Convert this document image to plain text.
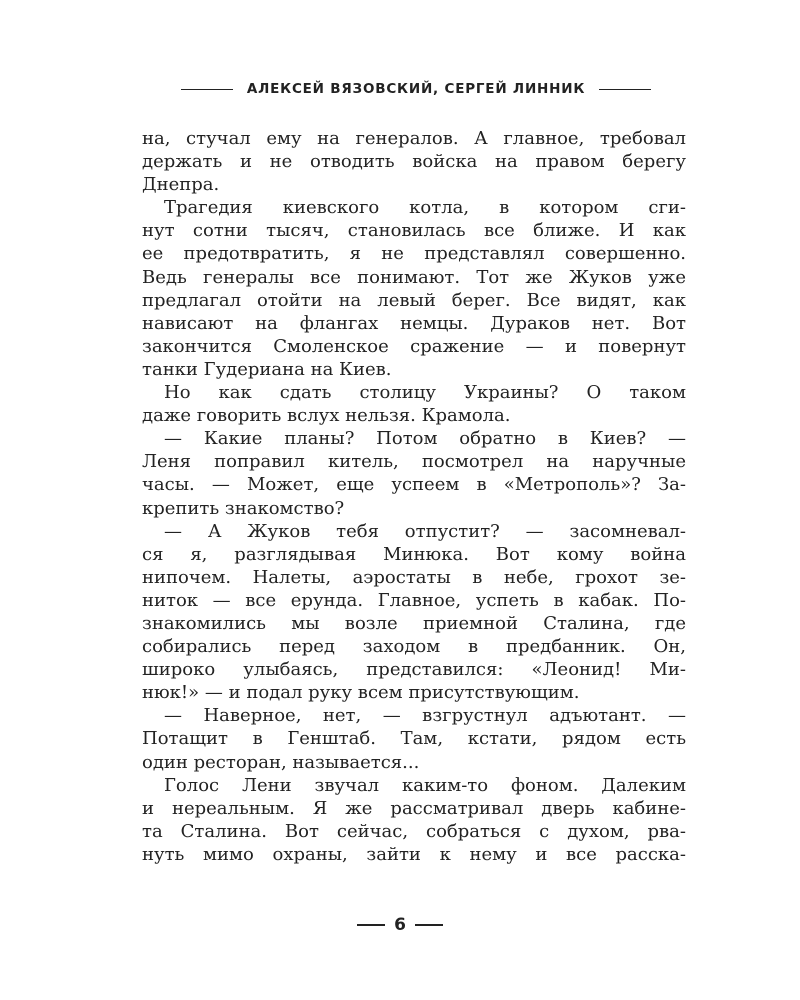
АЛЕКСЕЙ ВЯЗОВСКИЙ, СЕРГЕЙ ЛИННИК
на, стучал ему на генералов. А главное, требовал
держать и не отводить войска на правом берегу
Днепра.
Трагедия киевского котла, в котором сги-
нут сотни тысяч, становилась все ближе. И как
ее предотвратить, я не представлял совершенно.
Ведь генералы все понимают. Тот же Жуков уже
предлагал отойти на левый берег. Все видят, как
нависают на флангах немцы. Дураков нет. Вот
закончится Смоленское сражение — и повернут
танки Гудериана на Киев.
Но как сдать столицу Украины? О таком
даже говорить вслух нельзя. Крамола.
— Какие планы? Потом обратно в Киев? —
Леня поправил китель, посмотрел на наручные
часы. — Может, еще успеем в «Метрополь»? За-
крепить знакомство?
— А Жуков тебя отпустит? — засомневал-
ся я, разглядывая Минюка. Вот кому война
нипочем. Налеты, аэростаты в небе, грохот зе-
ниток — все ерунда. Главное, успеть в кабак. По-
знакомились мы возле приемной Сталина, где
собирались перед заходом в предбанник. Он,
широко улыбаясь, представился: «Леонид! Ми-
нюк!» — и подал руку всем присутствующим.
— Наверное, нет, — взгрустнул адъютант. —
Потащит в Генштаб. Там, кстати, рядом есть
один ресторан, называется...
Голос Лени звучал каким-то фоном. Далеким
и нереальным. Я же рассматривал дверь кабине-
та Сталина. Вот сейчас, собраться с духом, рва-
нуть мимо охраны, зайти к нему и все расска-
6
